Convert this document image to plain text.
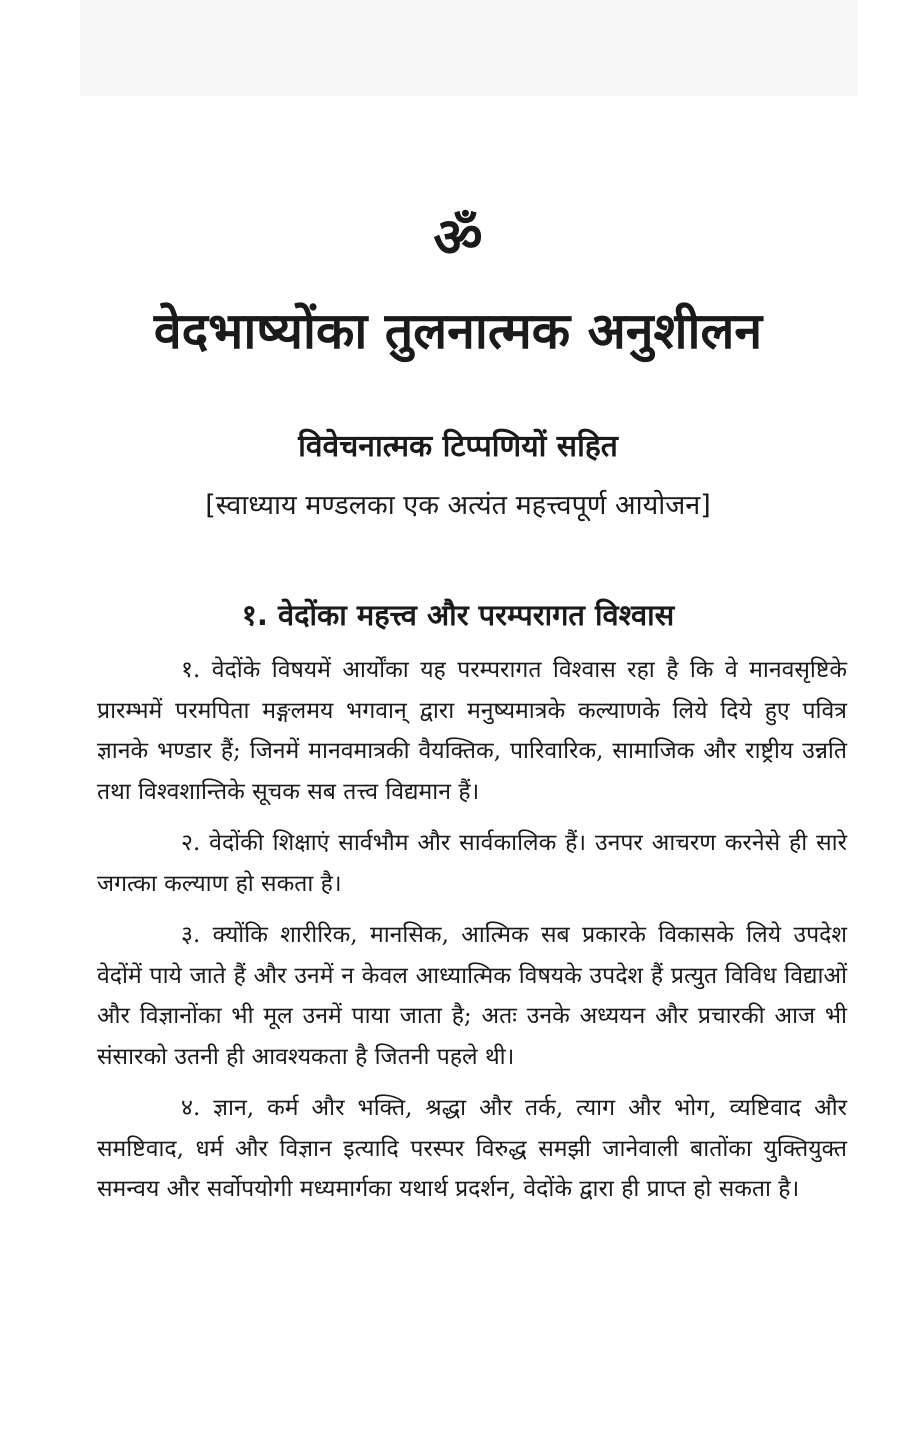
ॐ
वेदभाष्योंका तुलनात्मक अनुशीलन
विवेचनात्मक टिप्पणियों सहित
[स्वाध्याय मण्डलका एक अत्यंत महत्त्वपूर्ण आयोजन]
१. वेदोंका महत्त्व और परम्परागत विश्वास

१. वेदोंके विषयमें आर्योंका यह परम्परागत विश्वास रहा है कि वे मानवसृष्टिके प्रारम्भमें परमपिता मङ्गलमय भगवान् द्वारा मनुष्यमात्रके कल्याणके लिये दिये हुए पवित्र ज्ञानके भण्डार हैं; जिनमें मानवमात्रकी वैयक्तिक, पारिवारिक, सामाजिक और राष्ट्रीय उन्नति तथा विश्वशान्तिके सूचक सब तत्त्व विद्यमान हैं।

२. वेदोंकी शिक्षाएं सार्वभौम और सार्वकालिक हैं। उनपर आचरण करनेसे ही सारे जगत्का कल्याण हो सकता है।

३. क्योंकि शारीरिक, मानसिक, आत्मिक सब प्रकारके विकासके लिये उपदेश वेदोंमें पाये जाते हैं और उनमें न केवल आध्यात्मिक विषयके उपदेश हैं प्रत्युत विविध विद्याओं और विज्ञानोंका भी मूल उनमें पाया जाता है; अतः उनके अध्ययन और प्रचारकी आज भी संसारको उतनी ही आवश्यकता है जितनी पहले थी।

४. ज्ञान, कर्म और भक्ति, श्रद्धा और तर्क, त्याग और भोग, व्यष्टिवाद और समष्टिवाद, धर्म और विज्ञान इत्यादि परस्पर विरुद्ध समझी जानेवाली बातोंका युक्तियुक्त समन्वय और सर्वोपयोगी मध्यमार्गका यथार्थ प्रदर्शन, वेदोंके द्वारा ही प्राप्त हो सकता है।
